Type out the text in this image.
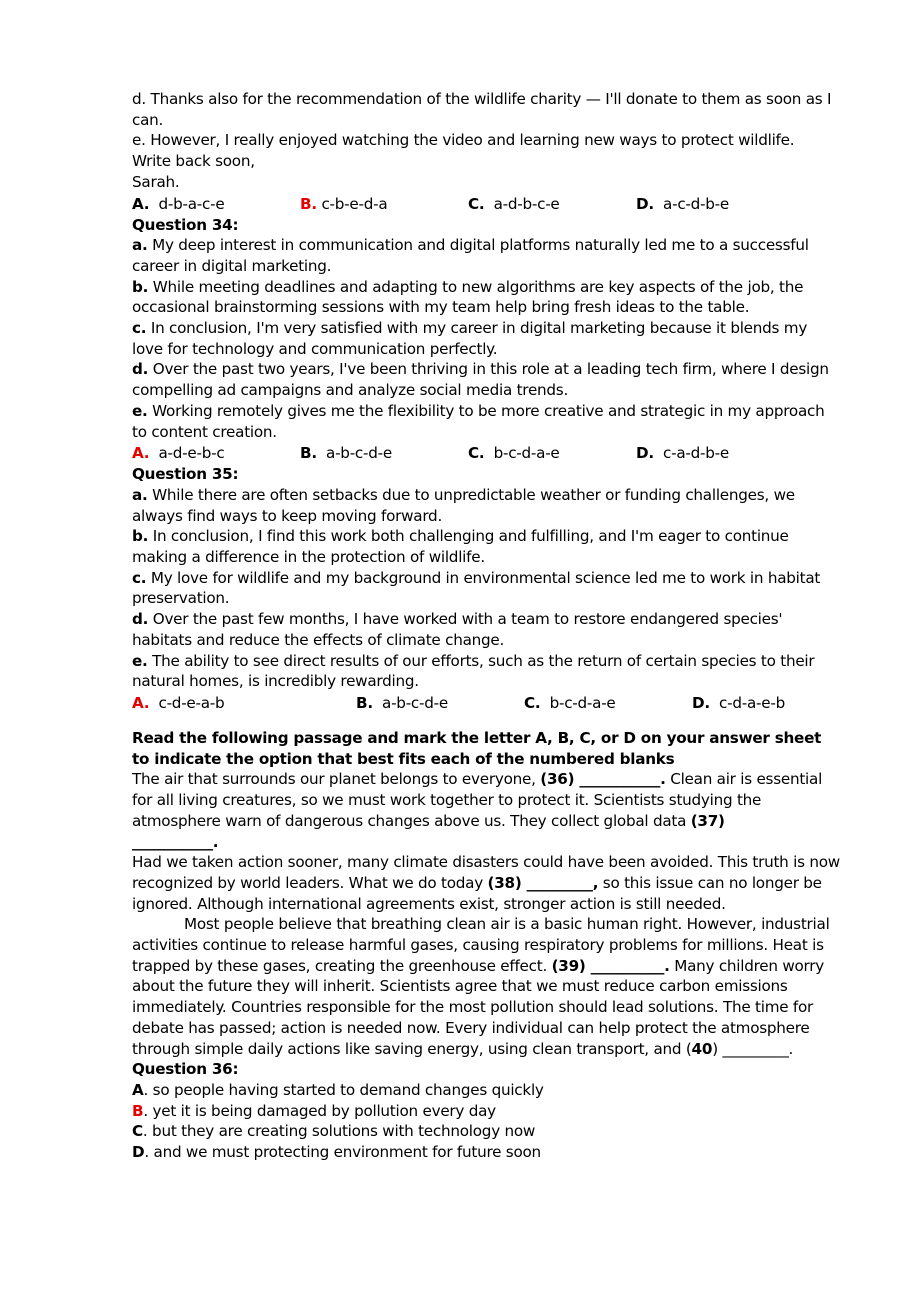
d. Thanks also for the recommendation of the wildlife charity — I'll donate to them as soon as I can.
e. However, I really enjoyed watching the video and learning new ways to protect wildlife.
Write back soon,
Sarah.
A. d-b-a-c-e	B. c-b-e-d-a	C. a-d-b-c-e	D. a-c-d-b-e
Question 34:
a. My deep interest in communication and digital platforms naturally led me to a successful career in digital marketing.
b. While meeting deadlines and adapting to new algorithms are key aspects of the job, the occasional brainstorming sessions with my team help bring fresh ideas to the table.
c. In conclusion, I'm very satisfied with my career in digital marketing because it blends my love for technology and communication perfectly.
d. Over the past two years, I've been thriving in this role at a leading tech firm, where I design compelling ad campaigns and analyze social media trends.
e. Working remotely gives me the flexibility to be more creative and strategic in my approach to content creation.
A. a-d-e-b-c	B. a-b-c-d-e	C. b-c-d-a-e	D. c-a-d-b-e
Question 35:
a. While there are often setbacks due to unpredictable weather or funding challenges, we always find ways to keep moving forward.
b. In conclusion, I find this work both challenging and fulfilling, and I'm eager to continue making a difference in the protection of wildlife.
c. My love for wildlife and my background in environmental science led me to work in habitat preservation.
d. Over the past few months, I have worked with a team to restore endangered species' habitats and reduce the effects of climate change.
e. The ability to see direct results of our efforts, such as the return of certain species to their natural homes, is incredibly rewarding.
A. c-d-e-a-b	B. a-b-c-d-e	C. b-c-d-a-e	D. c-d-a-e-b
Read the following passage and mark the letter A, B, C, or D on your answer sheet to indicate the option that best fits each of the numbered blanks
The air that surrounds our planet belongs to everyone, (36) ___________. Clean air is essential for all living creatures, so we must work together to protect it. Scientists studying the atmosphere warn of dangerous changes above us. They collect global data (37)
___________.
Had we taken action sooner, many climate disasters could have been avoided. This truth is now recognized by world leaders. What we do today (38) _________, so this issue can no longer be ignored. Although international agreements exist, stronger action is still needed.
Most people believe that breathing clean air is a basic human right. However, industrial activities continue to release harmful gases, causing respiratory problems for millions. Heat is trapped by these gases, creating the greenhouse effect. (39) __________. Many children worry about the future they will inherit. Scientists agree that we must reduce carbon emissions immediately. Countries responsible for the most pollution should lead solutions. The time for debate has passed; action is needed now. Every individual can help protect the atmosphere through simple daily actions like saving energy, using clean transport, and (40) _________.
Question 36:
A. so people having started to demand changes quickly
B. yet it is being damaged by pollution every day
C. but they are creating solutions with technology now
D. and we must protecting environment for future soon
